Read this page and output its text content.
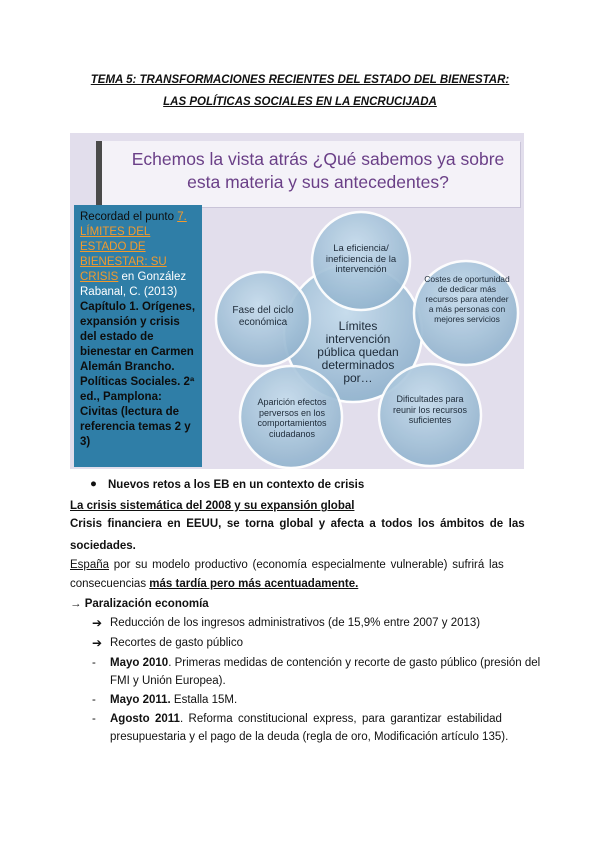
TEMA 5: TRANSFORMACIONES RECIENTES DEL ESTADO DEL BIENESTAR:
LAS POLÍTICAS SOCIALES EN LA ENCRUCIJADA
Echemos la vista atrás ¿Qué sabemos ya sobre
esta materia y sus antecedentes?
Límites intervención pública quedan determinados por…
La eficiencia/ ineficiencia de la intervención
Costes de oportunidad de dedicar más recursos para atender a más personas con mejores servicios
Dificultades para reunir los recursos suficientes
Aparición efectos perversos en los comportamientos ciudadanos
Fase del ciclo económica
Recordad el punto 7. LÍMITES DEL ESTADO DE BIENESTAR: SU CRISIS en González Rabanal, C. (2013) Capítulo 1. Orígenes, expansión y crisis del estado de bienestar en Carmen Alemán Brancho. Políticas Sociales. 2ª ed., Pamplona: Civitas (lectura de referencia temas 2 y 3)
● Nuevos retos a los EB en un contexto de crisis
La crisis sistemática del 2008 y su expansión global
Crisis financiera en EEUU, se torna global y afecta a todos los ámbitos de las
sociedades.
España por su modelo productivo (economía especialmente vulnerable) sufrirá las
consecuencias más tardía pero más acentuadamente.
→ Paralización economía
➔ Reducción de los ingresos administrativos (de 15,9% entre 2007 y 2013)
➔ Recortes de gasto público
- Mayo 2010. Primeras medidas de contención y recorte de gasto público (presión del
FMI y Unión Europea).
- Mayo 2011. Estalla 15M.
- Agosto 2011. Reforma constitucional express, para garantizar estabilidad
presupuestaria y el pago de la deuda (regla de oro, Modificación artículo 135).
